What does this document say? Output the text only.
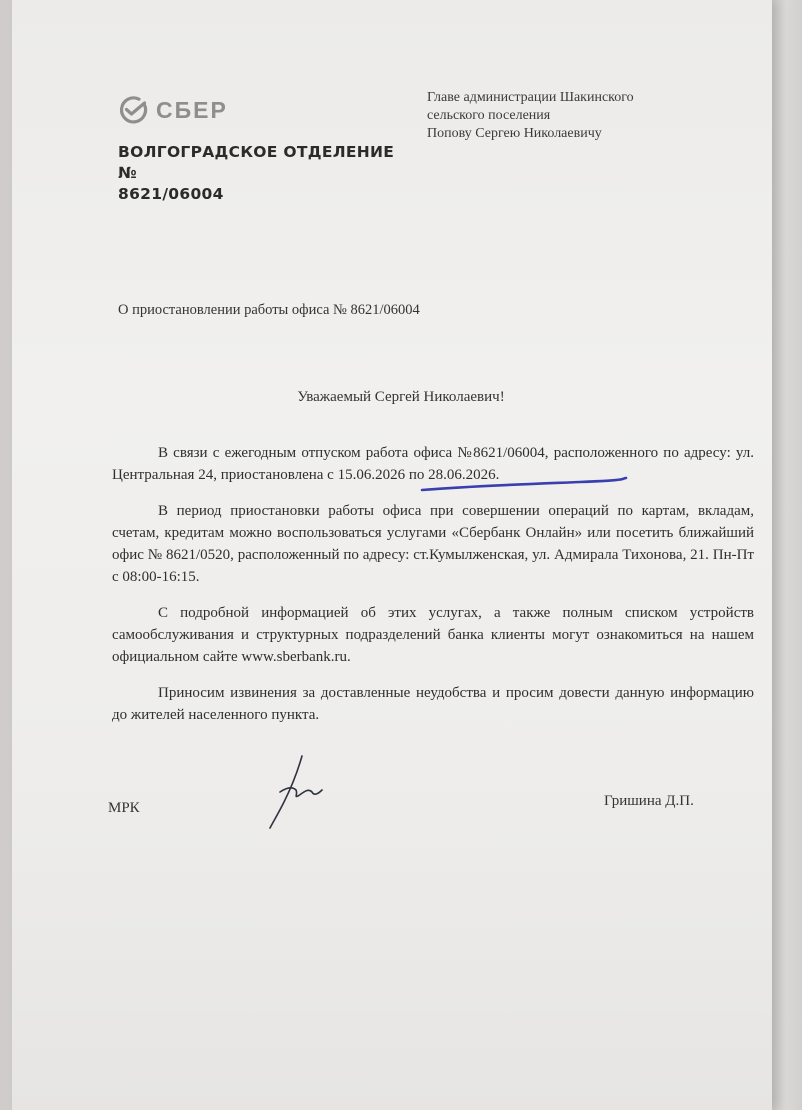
СБЕР
ВОЛГОГРАДСКОЕ ОТДЕЛЕНИЕ №
8621/06004
Главе администрации Шакинского
сельского поселения
Попову Сергею Николаевичу
О приостановлении работы офиса № 8621/06004
Уважаемый Сергей Николаевич!

В связи с ежегодным отпуском работа офиса №8621/06004, расположенного по адресу: ул. Центральная 24, приостановлена с 15.06.2026 по 28.06.2026.

В период приостановки работы офиса при совершении операций по картам, вкладам, счетам, кредитам можно воспользоваться услугами «Сбербанк Онлайн» или посетить ближайший офис № 8621/0520, расположенный по адресу: ст.Кумылженская, ул. Адмирала Тихонова, 21. Пн-Пт с 08:00-16:15.

С подробной информацией об этих услугах, а также полным списком устройств самообслуживания и структурных подразделений банка клиенты могут ознакомиться на нашем официальном сайте www.sberbank.ru.

Приносим извинения за доставленные неудобства и просим довести данную информацию до жителей населенного пункта.

МРК	Гришина Д.П.
